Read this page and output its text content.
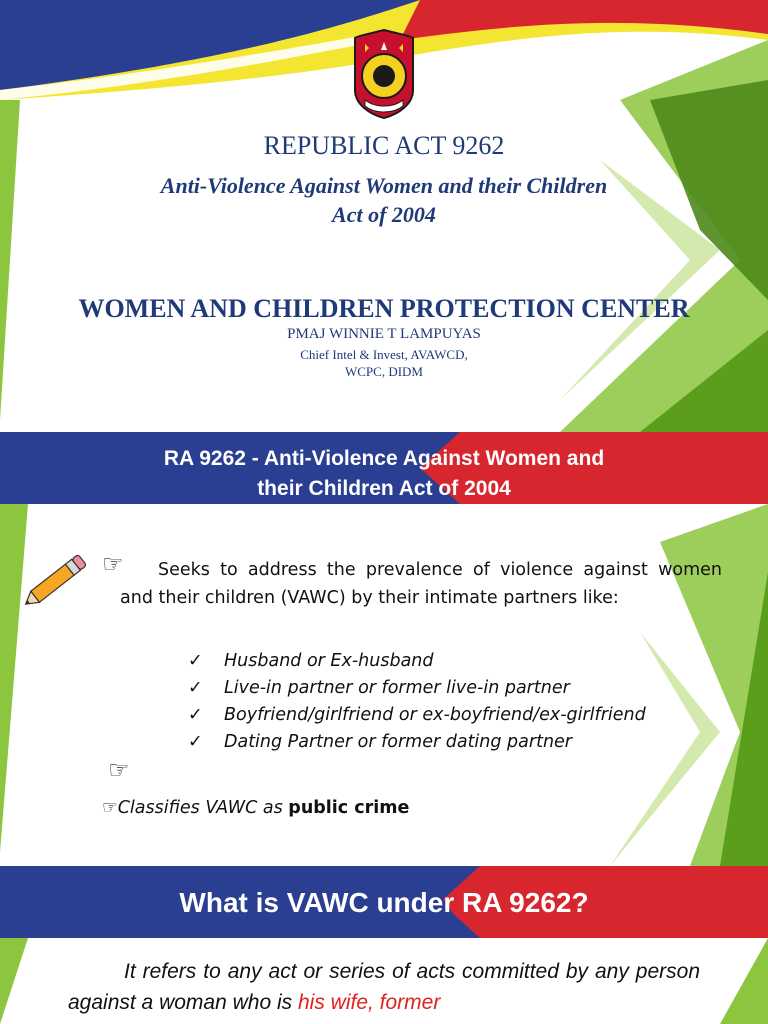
REPUBLIC ACT 9262
Anti-Violence Against Women and their Children
Act of 2004
WOMEN AND CHILDREN PROTECTION CENTER
PMAJ WINNIE T LAMPUYAS
Chief Intel & Invest, AVAWCD,
WCPC, DIDM
RA 9262 - Anti-Violence Against Women and
their Children Act of 2004
☞	Seeks to address the prevalence of violence against women and their children (VAWC) by their intimate partners like:
✓ Husband or Ex-husband
✓ Live-in partner or former live-in partner
✓ Boyfriend/girlfriend or ex-boyfriend/ex-girlfriend
✓ Dating Partner or former dating partner
☞
☞Classifies VAWC as public crime
What is VAWC under RA 9262?
It refers to any act or series of acts committed by any person against a woman who is his wife, former
